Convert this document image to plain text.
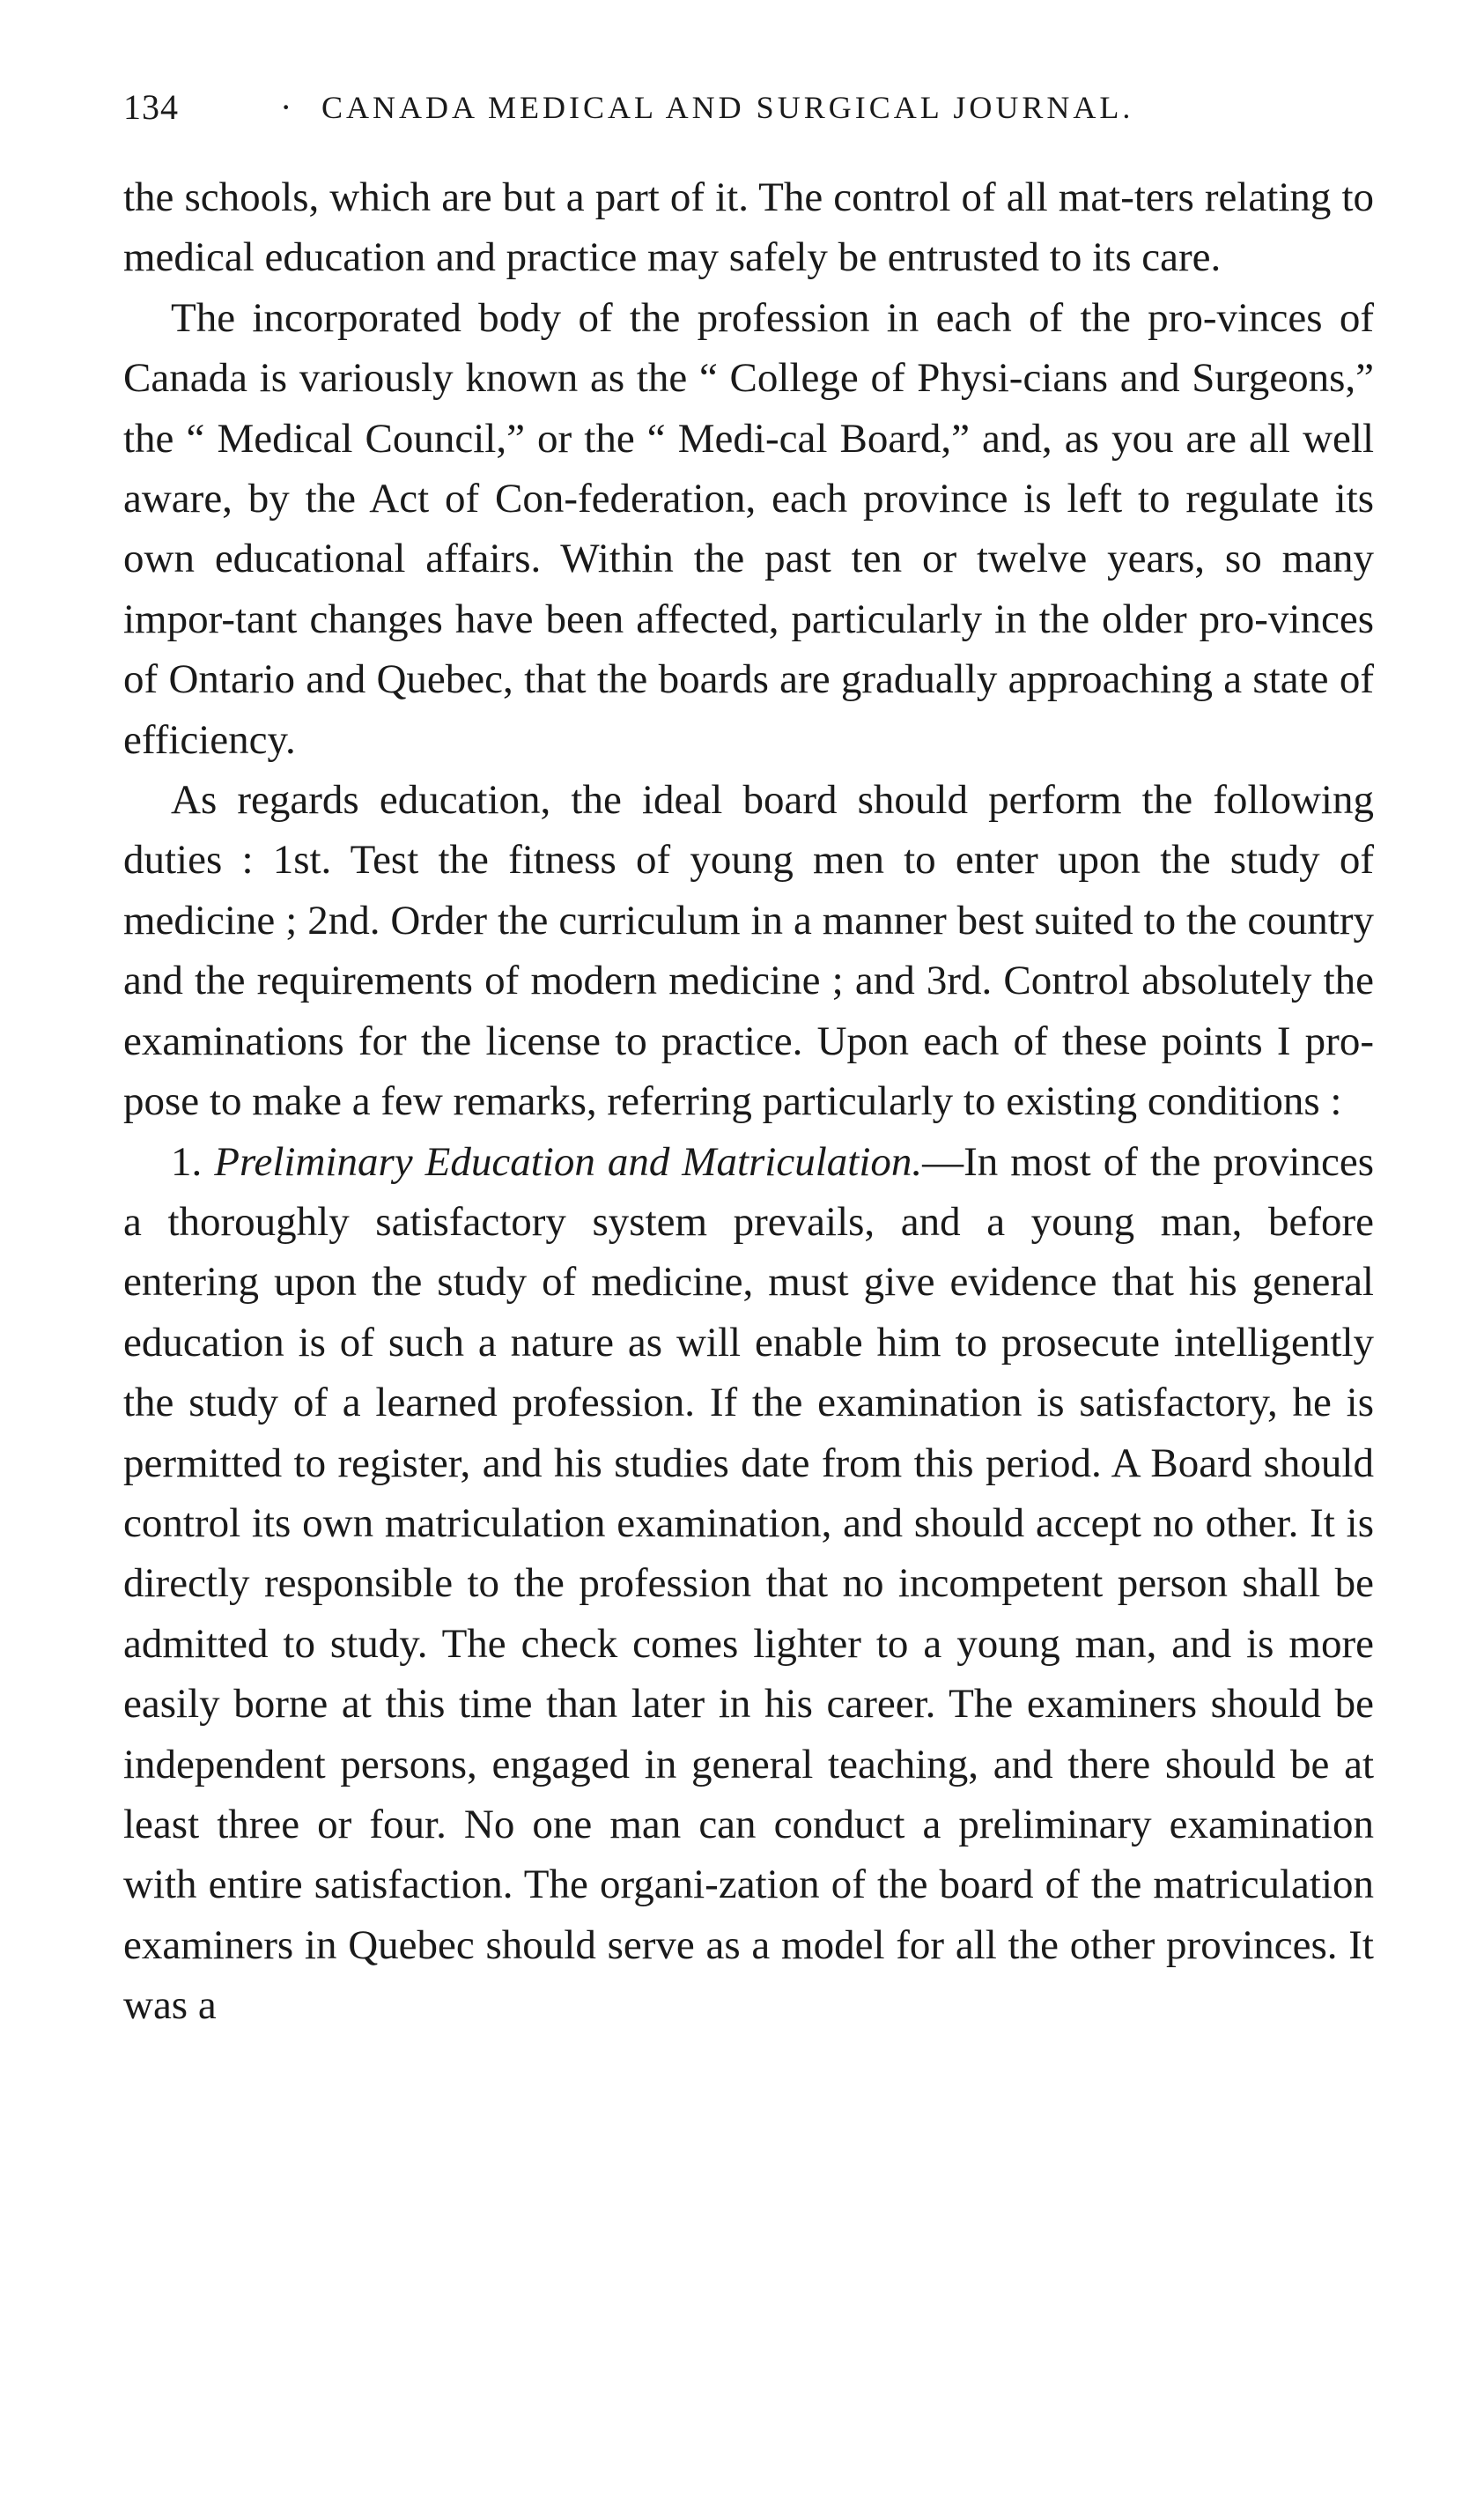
134	· CANADA MEDICAL AND SURGICAL JOURNAL.

the schools, which are but a part of it. The control of all mat-ters relating to medical education and practice may safely be entrusted to its care.

The incorporated body of the profession in each of the pro-vinces of Canada is variously known as the “ College of Physi-cians and Surgeons,” the “ Medical Council,” or the “ Medi-cal Board,” and, as you are all well aware, by the Act of Con-federation, each province is left to regulate its own educational affairs. Within the past ten or twelve years, so many impor-tant changes have been affected, particularly in the older pro-vinces of Ontario and Quebec, that the boards are gradually approaching a state of efficiency.

As regards education, the ideal board should perform the following duties : 1st. Test the fitness of young men to enter upon the study of medicine ; 2nd. Order the curriculum in a manner best suited to the country and the requirements of modern medicine ; and 3rd. Control absolutely the examinations for the license to practice. Upon each of these points I pro-pose to make a few remarks, referring particularly to existing conditions :

1. Preliminary Education and Matriculation.—In most of the provinces a thoroughly satisfactory system prevails, and a young man, before entering upon the study of medicine, must give evidence that his general education is of such a nature as will enable him to prosecute intelligently the study of a learned profession. If the examination is satisfactory, he is permitted to register, and his studies date from this period. A Board should control its own matriculation examination, and should accept no other. It is directly responsible to the profession that no incompetent person shall be admitted to study. The check comes lighter to a young man, and is more easily borne at this time than later in his career. The examiners should be independent persons, engaged in general teaching, and there should be at least three or four. No one man can conduct a preliminary examination with entire satisfaction. The organi-zation of the board of the matriculation examiners in Quebec should serve as a model for all the other provinces. It was a
